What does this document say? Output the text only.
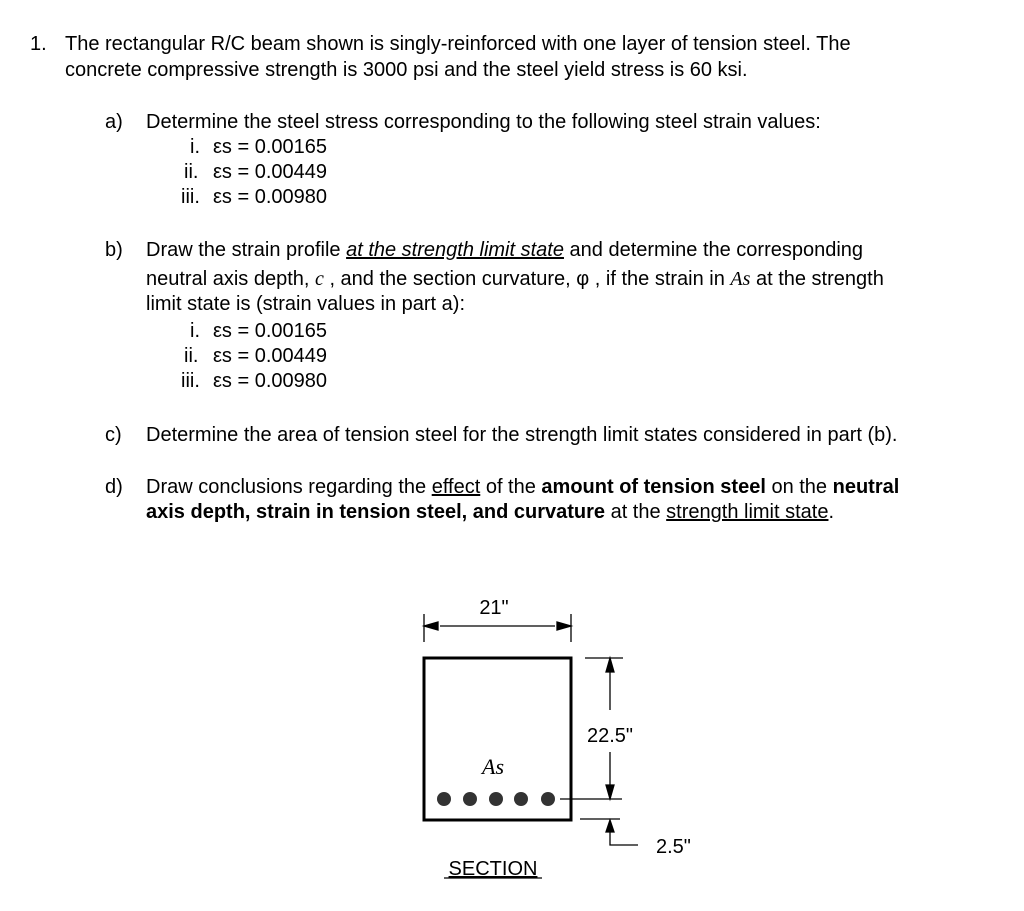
1. The rectangular R/C beam shown is singly-reinforced with one layer of tension steel. The
concrete compressive strength is 3000 psi and the steel yield stress is 60 ksi.
a) Determine the steel stress corresponding to the following steel strain values:
i. εs = 0.00165
ii. εs = 0.00449
iii. εs = 0.00980
b) Draw the strain profile at the strength limit state and determine the corresponding
neutral axis depth, c , and the section curvature, φ , if the strain in As at the strength
limit state is (strain values in part a):
i. εs = 0.00165
ii. εs = 0.00449
iii. εs = 0.00980
c) Determine the area of tension steel for the strength limit states considered in part (b).
d) Draw conclusions regarding the effect of the amount of tension steel on the neutral
axis depth, strain in tension steel, and curvature at the strength limit state.
21"
22.5"
2.5"
As
SECTION
